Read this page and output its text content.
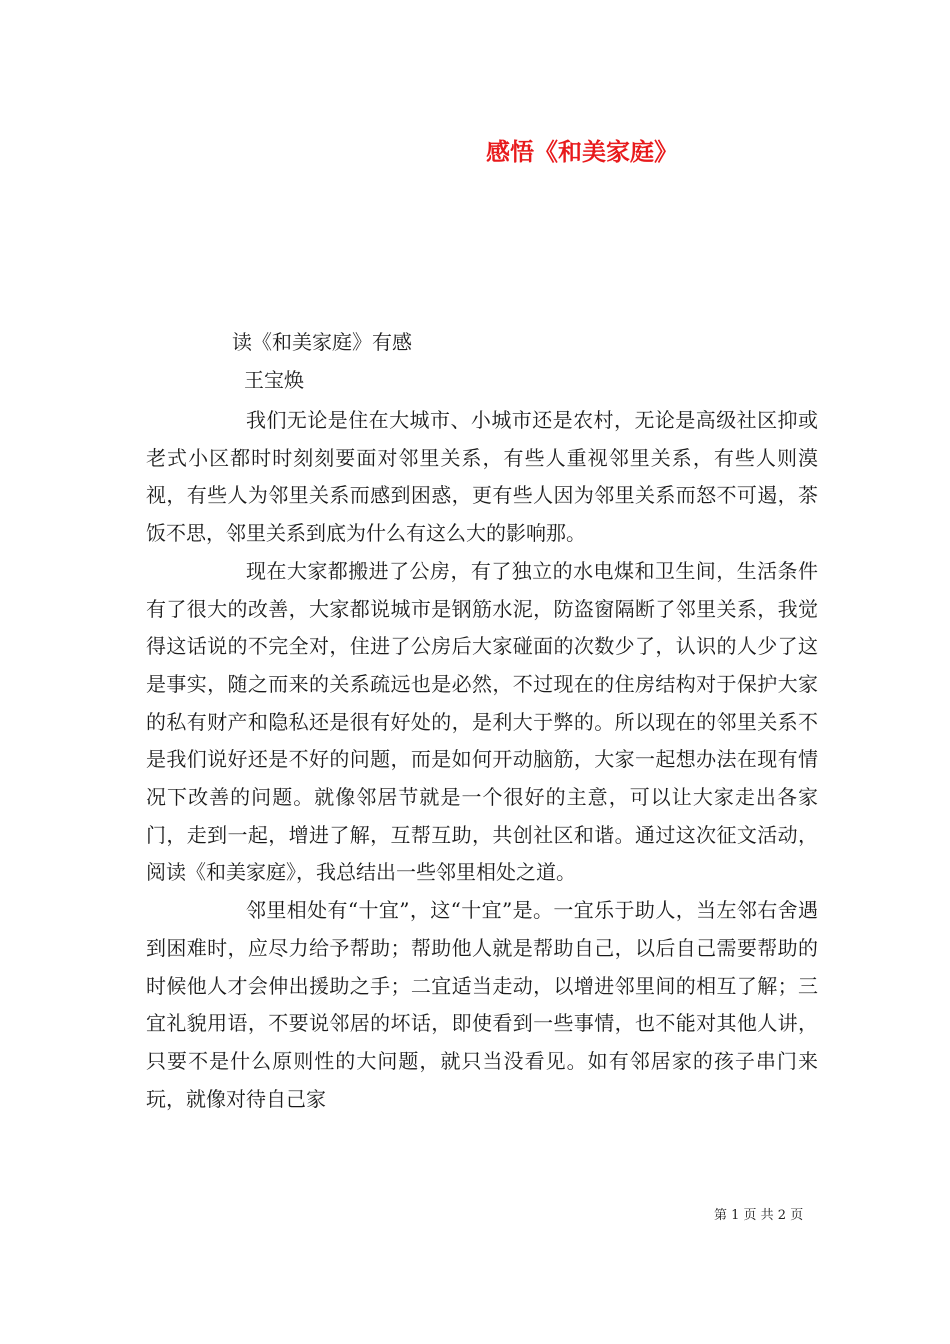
感悟《和美家庭》
读《和美家庭》有感
王宝焕

我们无论是住在大城市、小城市还是农村，无论是高级社区抑或老式小区都时时刻刻要面对邻里关系，有些人重视邻里关系，有些人则漠视，有些人为邻里关系而感到困惑，更有些人因为邻里关系而怒不可遏，茶饭不思，邻里关系到底为什么有这么大的影响那。

现在大家都搬进了公房，有了独立的水电煤和卫生间，生活条件有了很大的改善，大家都说城市是钢筋水泥，防盗窗隔断了邻里关系，我觉得这话说的不完全对，住进了公房后大家碰面的次数少了，认识的人少了这是事实，随之而来的关系疏远也是必然，不过现在的住房结构对于保护大家的私有财产和隐私还是很有好处的，是利大于弊的。所以现在的邻里关系不是我们说好还是不好的问题，而是如何开动脑筋，大家一起想办法在现有情况下改善的问题。就像邻居节就是一个很好的主意，可以让大家走出各家门，走到一起，增进了解，互帮互助，共创社区和谐。通过这次征文活动，阅读《和美家庭》，我总结出一些邻里相处之道。

邻里相处有“十宜”，这“十宜”是。一宜乐于助人，当左邻右舍遇到困难时，应尽力给予帮助；帮助他人就是帮助自己，以后自己需要帮助的时候他人才会伸出援助之手；二宜适当走动，以增进邻里间的相互了解；三宜礼貌用语，不要说邻居的坏话，即使看到一些事情，也不能对其他人讲，只要不是什么原则性的大问题，就只当没看见。如有邻居家的孩子串门来玩，就像对待自己家

第 1 页 共 2 页
